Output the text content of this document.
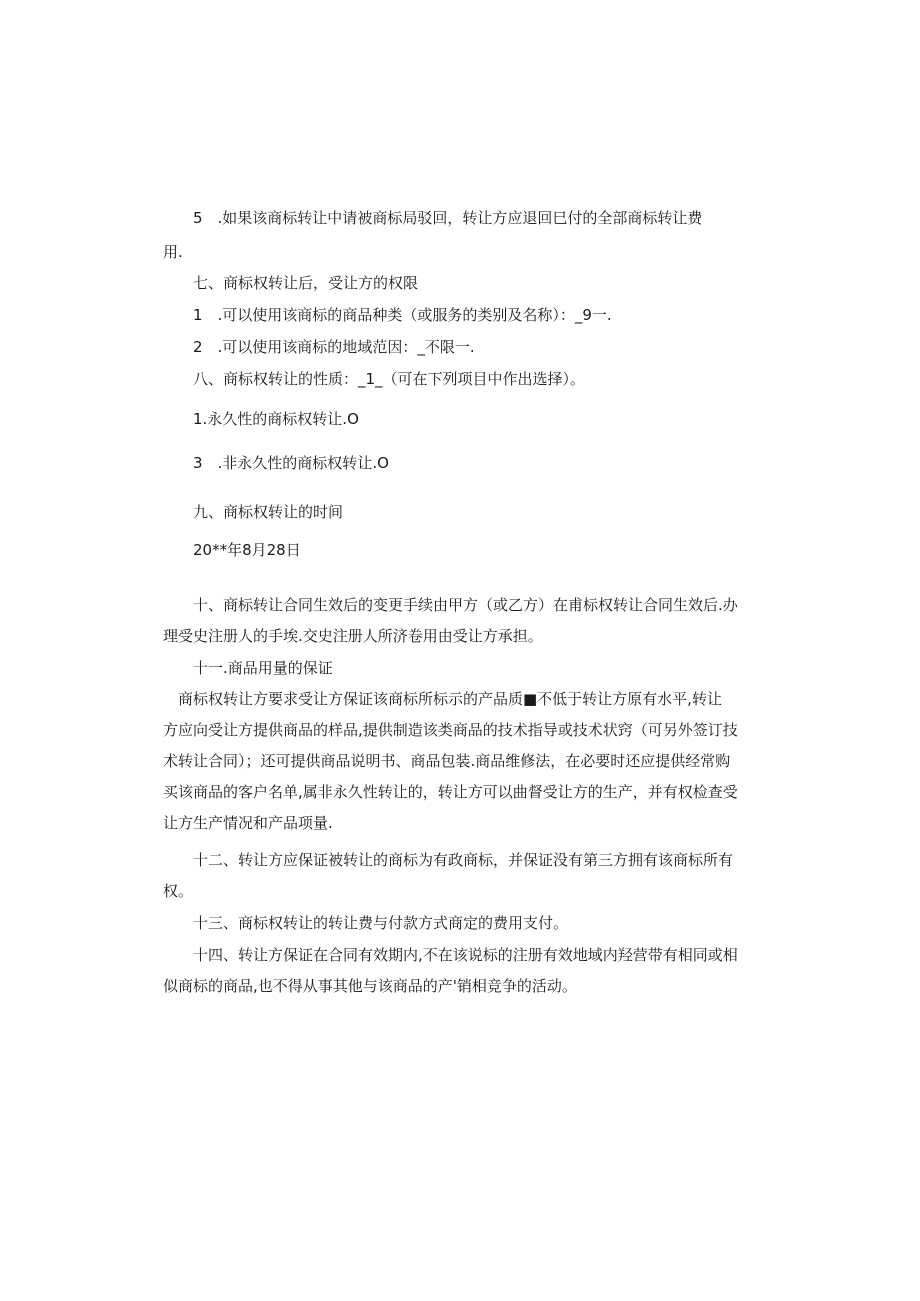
5　.如果该商标转让中请被商标局驳回，转让方应退回巳付的全部商标转让费
用.
七、商标权转让后，受让方的权限
1　.可以使用该商标的商品种类（或服务的类别及名称）：_9一.
2　.可以使用该商标的地域范因：_不限一.
八、商标权转让的性质：_1_（可在下列项目中作出选择）。
1.永久性的商标权转让.O
3　.非永久性的商标权转让.O
九、商标权转让的时间
20**年8月28日
十、商标转让合同生效后的变更手续由甲方（或乙方）在甫标权转让合同生效后.办
理受史注册人的手埃.交史注册人所济卷用由受让方承担。
十一.商品用量的保证
商标权转让方要求受让方保证该商标所标示的产品质■不低于转让方原有水平,转让
方应向受让方提供商品的样品,提供制造该类商品的技术指导或技术状窍（可另外签订技
术转让合同）；还可提供商品说明书、商品包装.商品维修法，在必要时还应提供经常购
买该商品的客户名单,属非永久性转让的，转让方可以曲督受让方的生产，并有权检查受
让方生产情况和产品项量.
十二、转让方应保证被转让的商标为有政商标，并保证没有第三方拥有该商标所有
权。
十三、商标权转让的转让费与付款方式商定的费用支付。
十四、转让方保证在合同有效期内,不在该说标的注册有效地域内羟营带有相同或相
似商标的商品,也不得从事其他与该商品的产'销相竞争的活动。
